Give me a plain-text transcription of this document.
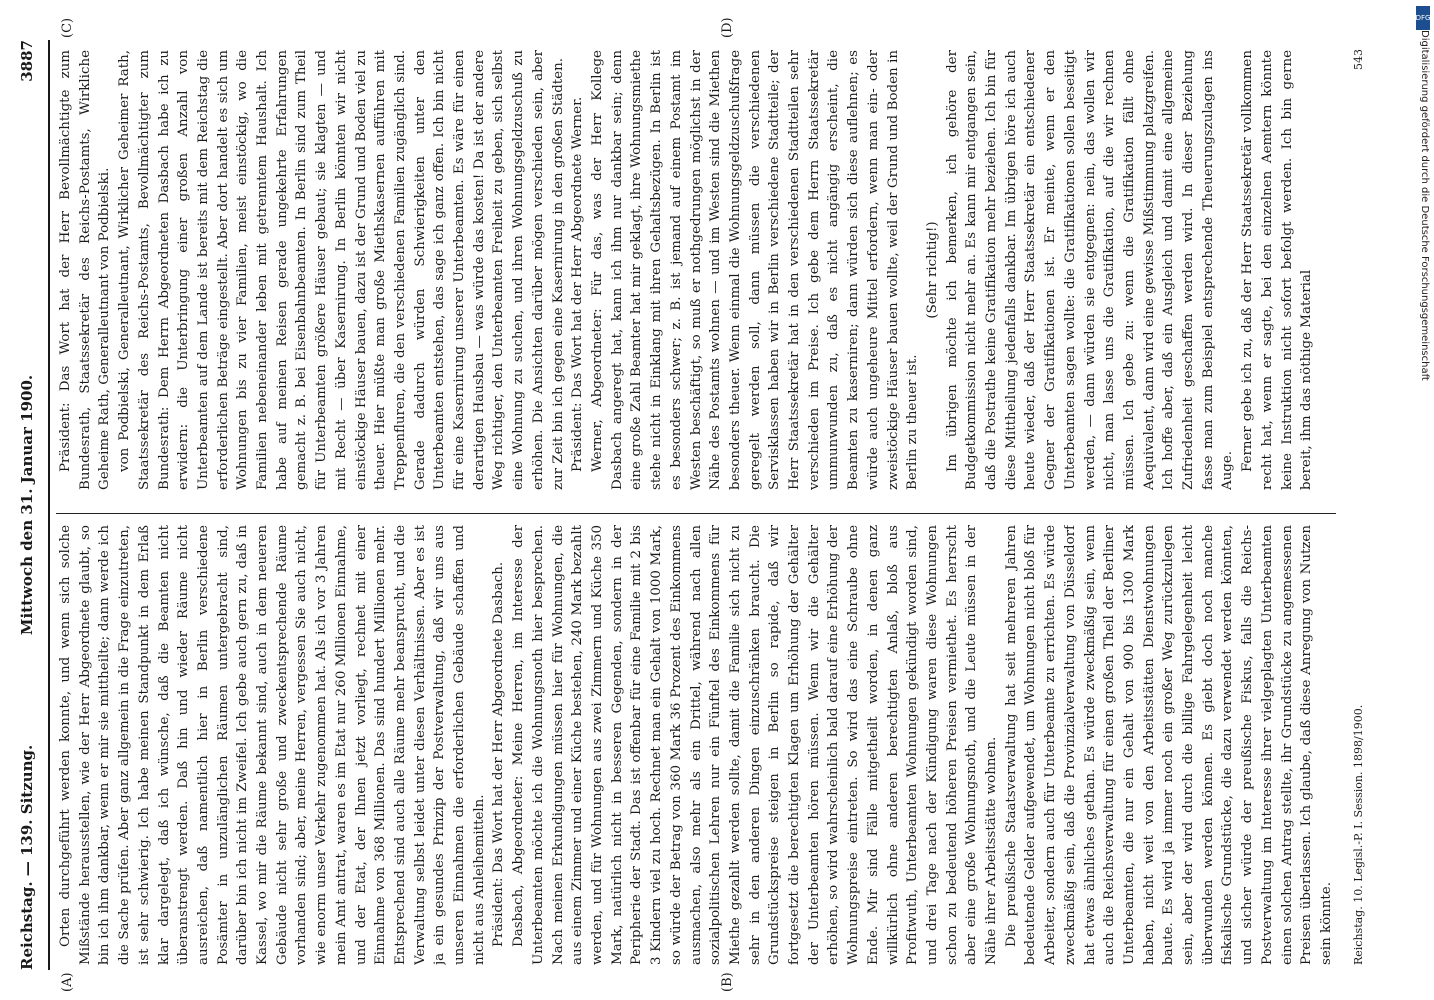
Reichstag. — 139. Sitzung.
Mittwoch den 31. Januar 1900.
3887
(A)	(B)
(C)	(D)

Orten durchgeführt werden konnte, und wenn sich solche Mißstände herausstellen, wie der Herr Abgeordnete glaubt, so bin ich ihm dankbar, wenn er mir sie mittheilte; dann werde ich die Sache prüfen. Aber ganz allgemein in die Frage einzutreten, ist sehr schwierig. Ich habe meinen Standpunkt in dem Erlaß klar dargelegt, daß ich wünsche, daß die Beamten nicht überanstrengt werden. Daß hin und wieder Räume nicht ausreichen, daß namentlich hier in Berlin verschiedene Posämter in unzulänglichen Räumen untergebracht sind, darüber bin ich nicht im Zweifel. Ich gebe auch gern zu, daß in Kassel, wo mir die Räume bekannt sind, auch in dem neueren Gebäude nicht sehr große und zweckentsprechende Räume vorhanden sind; aber, meine Herren, vergessen Sie auch nicht, wie enorm unser Verkehr zugenommen hat. Als ich vor 3 Jahren mein Amt antrat, waren es im Etat nur 260 Millionen Einnahme, und der Etat, der Ihnen jetzt vorliegt, rechnet mit einer Einnahme von 368 Millionen. Das sind hundert Millionen mehr. Entsprechend sind auch alle Räume mehr beansprucht, und die Verwaltung selbst leidet unter diesen Verhältnissen. Aber es ist ja ein gesundes Prinzip der Postverwaltung, daß wir uns aus unseren Einnahmen die erforderlichen Gebäude schaffen und nicht aus Anleihemitteln. Präsident: Das Wort hat der Herr Abgeordnete Dasbach. Dasbach, Abgeordneter: Meine Herren, im Interesse der Unterbeamten möchte ich die Wohnungsnoth hier besprechen. Nach meinen Erkundigungen müssen hier für Wohnungen, die aus einem Zimmer und einer Küche bestehen, 240 Mark bezahlt werden, und für Wohnungen aus zwei Zimmern und Küche 350 Mark, natürlich nicht in besseren Gegenden, sondern in der Peripherie der Stadt. Das ist offenbar für eine Familie mit 2 bis 3 Kindern viel zu hoch. Rechnet man ein Gehalt von 1000 Mark, so würde der Betrag von 360 Mark 36 Prozent des Einkommens ausmachen, also mehr als ein Drittel, während nach allen sozialpolitischen Lehren nur ein Fünftel des Einkommens für Miethe gezahlt werden sollte, damit die Familie sich nicht zu sehr in den anderen Dingen einzuschränken braucht. Die Grundstückspreise steigen in Berlin so rapide, daß wir fortgesetzt die berechtigten Klagen um Erhöhung der Gehälter der Unterbeamten hören müssen. Wenn wir die Gehälter erhöhen, so wird wahrscheinlich bald darauf eine Erhöhung der Wohnungspreise eintreten. So wird das eine Schraube ohne Ende. Mir sind Fälle mitgetheilt worden, in denen ganz willkürlich ohne anderen berechtigten Anlaß, bloß aus Profitwuth, Unterbeamten Wohnungen gekündigt worden sind, und drei Tage nach der Kündigung waren diese Wohnungen schon zu bedeutend höheren Preisen vermiethet. Es herrscht aber eine große Wohnungsnoth, und die Leute müssen in der Nähe ihrer Arbeitsstätte wohnen. Die preußische Staatsverwaltung hat seit mehreren Jahren bedeutende Gelder aufgewendet, um Wohnungen nicht bloß für Arbeiter, sondern auch für Unterbeamte zu errichten. Es würde zweckmäßig sein, daß die Provinzialverwaltung von Düsseldorf hat etwas ähnliches gethan. Es würde zweckmäßig sein, wenn auch die Reichsverwaltung für einen großen Theil der Berliner Unterbeamten, die nur ein Gehalt von 900 bis 1300 Mark haben, nicht weit von den Arbeitsstätten Dienstwohnungen baute. Es wird ja immer noch ein großer Weg zurückzulegen sein, aber der wird durch die billige Fahrgelegenheit leicht überwunden werden können. Es giebt doch noch manche fiskalische Grundstücke, die dazu verwendet werden könnten, und sicher würde der preußische Fiskus, falls die Reichs-Postverwaltung im Interesse ihrer vielgeplagten Unterbeamten einen solchen Antrag stellte, ihr Grundstücke zu angemessenen Preisen überlassen. Ich glaube, daß diese Anregung von Nutzen sein könnte.

Präsident: Das Wort hat der Herr Bevollmächtigte zum Bundesrath, Staatssekretär des Reichs-Postamts, Wirkliche Geheime Rath, Generalleutnant von Podbielski. von Podbielski, Generalleutnant, Wirklicher Geheimer Rath, Staatssekretär des Reichs-Postamts, Bevollmächtigter zum Bundesrath: Dem Herrn Abgeordneten Dasbach habe ich zu erwidern: die Unterbringung einer großen Anzahl von Unterbeamten auf dem Lande ist bereits mit dem Reichstag die erforderlichen Beträge eingestellt. Aber dort handelt es sich um Wohnungen bis zu vier Familien, meist einstöckig, wo die Familien nebeneinander leben mit getrenntem Haushalt. Ich habe auf meinen Reisen gerade ungekehrte Erfahrungen gemacht z. B. bei Eisenbahnbeamten. In Berlin sind zum Theil für Unterbeamten größere Häuser gebaut; sie klagten — und mit Recht — über Kasernirung. In Berlin könnten wir nicht einstöckige Häuser bauen, dazu ist der Grund und Boden viel zu theuer. Hier müßte man große Miethskasernen aufführen mit Treppenfluren, die den verschiedenen Familien zugänglich sind. Gerade dadurch würden Schwierigkeiten unter den Unterbeamten entstehen, das sage ich ganz offen. Ich bin nicht für eine Kasernirung unserer Unterbeamten. Es wäre für einen derartigen Hausbau — was würde das kosten! Da ist der andere Weg richtiger, den Unterbeamten Freiheit zu geben, sich selbst eine Wohnung zu suchen, und ihren Wohnungsgeldzuschuß zu erhöhen. Die Ansichten darüber mögen verschieden sein, aber zur Zeit bin ich gegen eine Kasernirung in den großen Städten. Präsident: Das Wort hat der Herr Abgeordnete Werner. Werner, Abgeordneter: Für das, was der Herr Kollege Dasbach angeregt hat, kann ich ihm nur dankbar sein; denn eine große Zahl Beamter hat mir geklagt, ihre Wohnungsmiethe stehe nicht in Einklang mit ihren Gehaltsbezügen. In Berlin ist es besonders schwer; z. B. ist jemand auf einem Postamt im Westen beschäftigt, so muß er nothgedrungen möglichst in der Nähe des Postamts wohnen — und im Westen sind die Miethen besonders theuer. Wenn einmal die Wohnungsgeldzuschußfrage geregelt werden soll, dann müssen die verschiedenen Servisklassen haben wir in Berlin verschiedene Stadtteile; der Herr Staatssekretär hat in den verschiedenen Stadtteilen sehr verschieden im Preise. Ich gebe dem Herrn Staatssekretär ummunwunden zu, daß es nicht angängig erscheint, die Beamten zu kaserniren; dann würden sich diese auflehnen; es würde auch ungeheure Mittel erfordern, wenn man ein- oder zweistöckige Häuser bauen wollte, weil der Grund und Boden in Berlin zu theuer ist.

(Sehr richtig!) Im übrigen möchte ich bemerken, ich gehöre der Budgetkommission nicht mehr an. Es kann mir entgangen sein, daß die Postrathe keine Gratifikation mehr beziehen. Ich bin für diese Mittheilung jedenfalls dankbar. Im übrigen höre ich auch heute wieder, daß der Herr Staatssekretär ein entschiedener Gegner der Gratifikationen ist. Er meinte, wenn er den Unterbeamten sagen wollte: die Gratifikationen sollen beseitigt werden, — dann würden sie entgegnen: nein, das wollen wir nicht, man lasse uns die Gratifikation, auf die wir rechnen müssen. Ich gebe zu: wenn die Gratifikation fällt ohne Aequivalent, dann wird eine gewisse Mißstimmung platzgreifen. Ich hoffe aber, daß ein Ausgleich und damit eine allgemeine Zufriedenheit geschaffen werden wird. In dieser Beziehung fasse man zum Beispiel entsprechende Theuerungszulagen ins Auge. Ferner gebe ich zu, daß der Herr Staatssekretär vollkommen recht hat, wenn er sagte, bei den einzelnen Aemtern könnte keine Instruktion nicht sofort befolgt werden. Ich bin gerne bereit, ihm das nöthige Material

Reichstag. 10. Legisl.-P. I. Session. 1898/1900.
543
DFG
Digitalisierung gefördert durch die Deutsche Forschungsgemeinschaft
